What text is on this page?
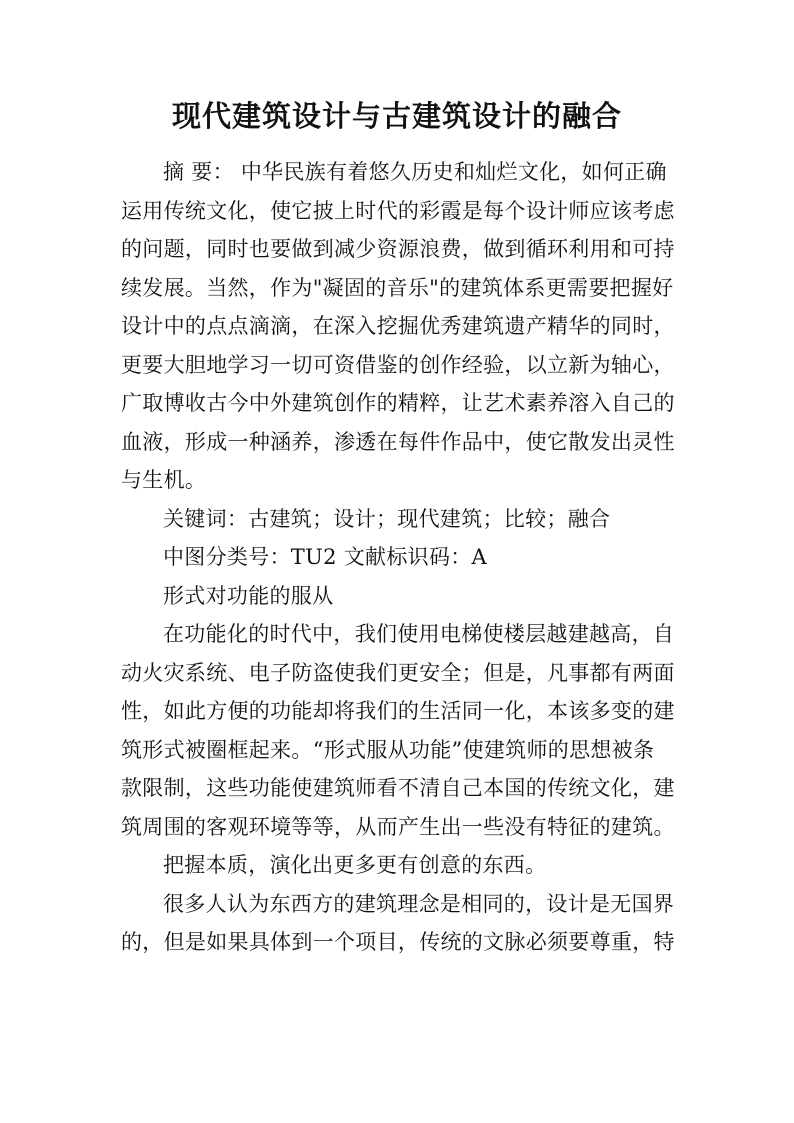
现代建筑设计与古建筑设计的融合
摘 要： 中华民族有着悠久历史和灿烂文化，如何正确
运用传统文化，使它披上时代的彩霞是每个设计师应该考虑
的问题，同时也要做到减少资源浪费，做到循环利用和可持
续发展。当然，作为"凝固的音乐"的建筑体系更需要把握好
设计中的点点滴滴，在深入挖掘优秀建筑遗产精华的同时，
更要大胆地学习一切可资借鉴的创作经验，以立新为轴心，
广取博收古今中外建筑创作的精粹，让艺术素养溶入自己的
血液，形成一种涵养，渗透在每件作品中，使它散发出灵性
与生机。
关键词：古建筑；设计；现代建筑；比较；融合
中图分类号：TU2 文献标识码：A
形式对功能的服从
在功能化的时代中，我们使用电梯使楼层越建越高，自
动火灾系统、电子防盗使我们更安全；但是，凡事都有两面
性，如此方便的功能却将我们的生活同一化，本该多变的建
筑形式被圈框起来。“形式服从功能”使建筑师的思想被条
款限制，这些功能使建筑师看不清自己本国的传统文化，建
筑周围的客观环境等等，从而产生出一些没有特征的建筑。
把握本质，演化出更多更有创意的东西。
很多人认为东西方的建筑理念是相同的，设计是无国界
的，但是如果具体到一个项目，传统的文脉必须要尊重，特
